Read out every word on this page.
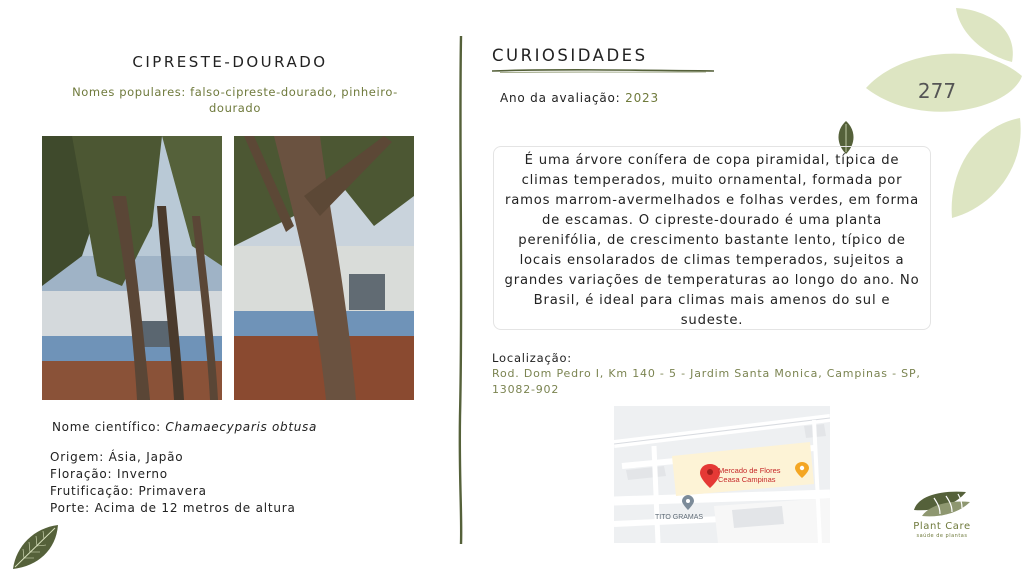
277
CIPRESTE-DOURADO
Nomes populares: falso-cipreste-dourado, pinheiro-dourado
Nome científico: Chamaecyparis obtusa
Origem: Ásia, Japão
Floração: Inverno
Frutificação: Primavera
Porte: Acima de 12 metros de altura
CURIOSIDADES
Ano da avaliação: 2023
É uma árvore conífera de copa piramidal, típica de climas temperados, muito ornamental, formada por ramos marrom-avermelhados e folhas verdes, em forma de escamas. O cipreste-dourado é uma planta perenifólia, de crescimento bastante lento, típico de locais ensolarados de climas temperados, sujeitos a grandes variações de temperaturas ao longo do ano. No Brasil, é ideal para climas mais amenos do sul e sudeste.
Localização:
Rod. Dom Pedro I, Km 140 - 5 - Jardim Santa Monica, Campinas - SP, 13082-902
Mercado de Flores
Ceasa Campinas
TITO GRAMAS
Plant Care
saúde de plantas
